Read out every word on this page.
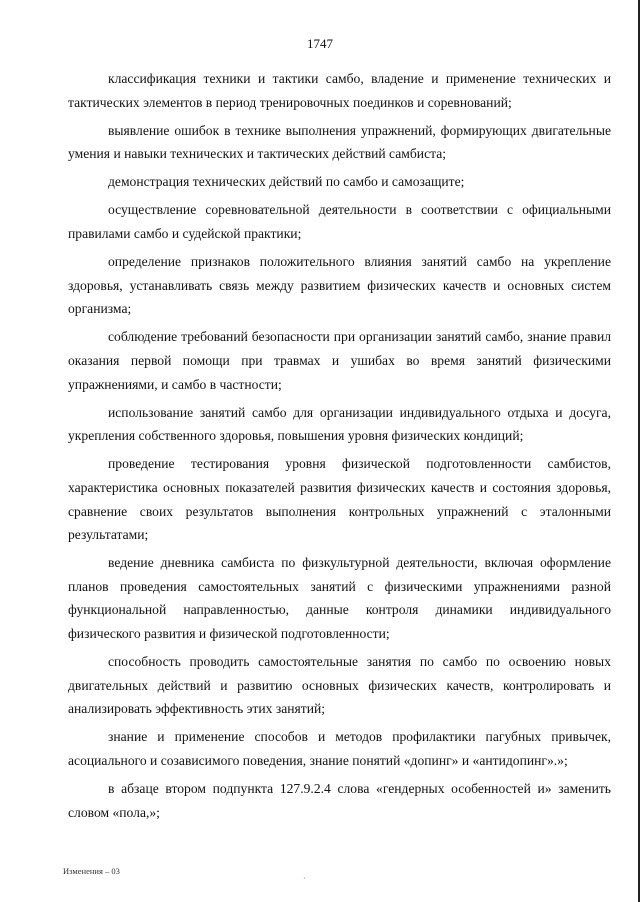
1747

классификация техники и тактики самбо, владение и применение технических и тактических элементов в период тренировочных поединков и соревнований;

выявление ошибок в технике выполнения упражнений, формирующих двигательные умения и навыки технических и тактических действий самбиста;

демонстрация технических действий по самбо и самозащите;

осуществление соревновательной деятельности в соответствии с официальными правилами самбо и судейской практики;

определение признаков положительного влияния занятий самбо на укрепление здоровья, устанавливать связь между развитием физических качеств и основных систем организма;

соблюдение требований безопасности при организации занятий самбо, знание правил оказания первой помощи при травмах и ушибах во время занятий физическими упражнениями, и самбо в частности;

использование занятий самбо для организации индивидуального отдыха и досуга, укрепления собственного здоровья, повышения уровня физических кондиций;

проведение тестирования уровня физической подготовленности самбистов, характеристика основных показателей развития физических качеств и состояния здоровья, сравнение своих результатов выполнения контрольных упражнений с эталонными результатами;

ведение дневника самбиста по физкультурной деятельности, включая оформление планов проведения самостоятельных занятий с физическими упражнениями разной функциональной направленностью, данные контроля динамики индивидуального физического развития и физической подготовленности;

способность проводить самостоятельные занятия по самбо по освоению новых двигательных действий и развитию основных физических качеств, контролировать и анализировать эффективность этих занятий;

знание и применение способов и методов профилактики пагубных привычек, асоциального и созависимого поведения, знание понятий «допинг» и «антидопинг».»;

в абзаце втором подпункта 127.9.2.4 слова «гендерных особенностей и» заменить словом «пола,»;

Изменения – 03
·
